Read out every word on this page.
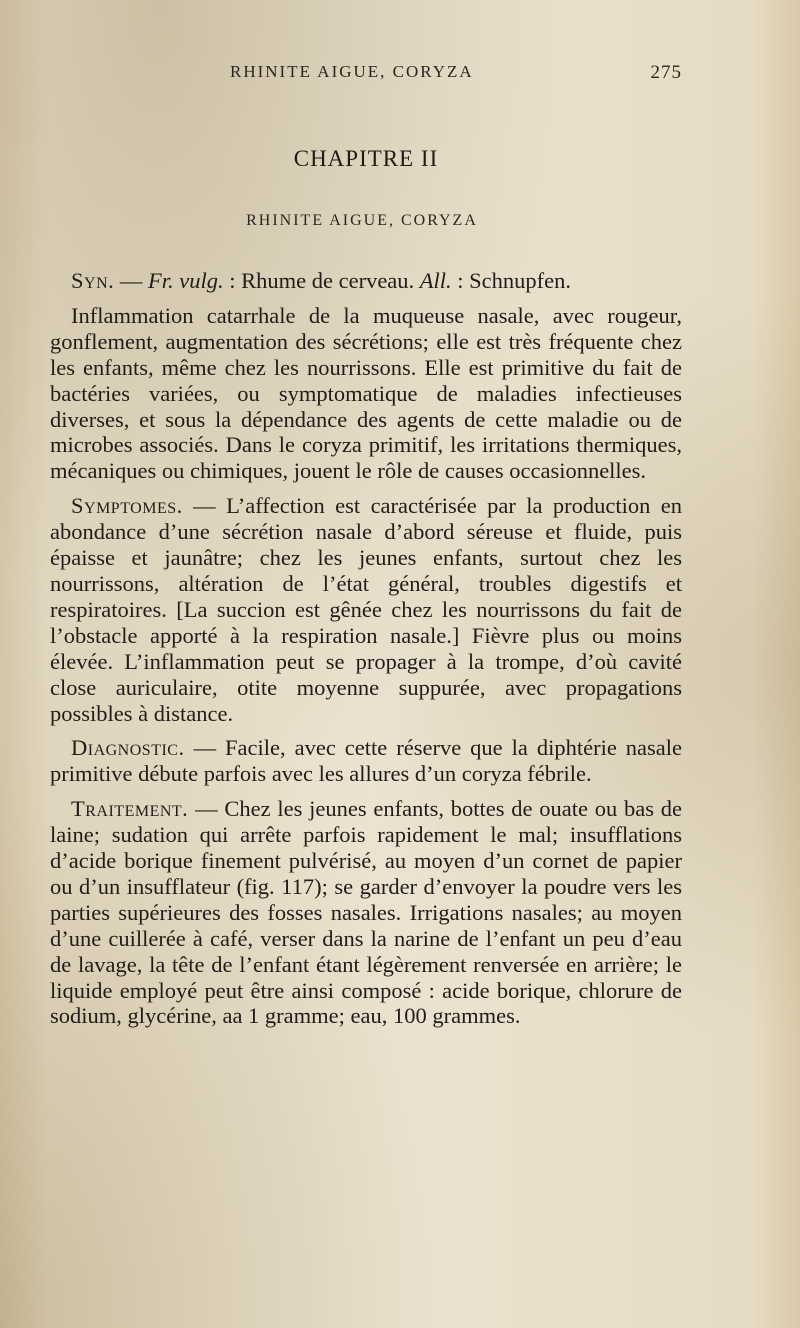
RHINITE AIGUE, CORYZA	275
CHAPITRE II
RHINITE AIGUE, CORYZA

Syn. — Fr. vulg. : Rhume de cerveau. All. : Schnupfen.

Inflammation catarrhale de la muqueuse nasale, avec rougeur, gonflement, augmentation des sécrétions; elle est très fréquente chez les enfants, même chez les nourrissons. Elle est primitive du fait de bactéries variées, ou symptomatique de maladies infectieuses diverses, et sous la dépendance des agents de cette maladie ou de microbes associés. Dans le coryza primitif, les irritations thermiques, mécaniques ou chimiques, jouent le rôle de causes occasionnelles.

Symptomes. — L’affection est caractérisée par la production en abondance d’une sécrétion nasale d’abord séreuse et fluide, puis épaisse et jaunâtre; chez les jeunes enfants, surtout chez les nourrissons, altération de l’état général, troubles digestifs et respiratoires. [La succion est gênée chez les nourrissons du fait de l’obstacle apporté à la respiration nasale.] Fièvre plus ou moins élevée. L’inflammation peut se propager à la trompe, d’où cavité close auriculaire, otite moyenne suppurée, avec propagations possibles à distance.

Diagnostic. — Facile, avec cette réserve que la diphtérie nasale primitive débute parfois avec les allures d’un coryza fébrile.

Traitement. — Chez les jeunes enfants, bottes de ouate ou bas de laine; sudation qui arrête parfois rapidement le mal; insufflations d’acide borique finement pulvérisé, au moyen d’un cornet de papier ou d’un insufflateur (fig. 117); se garder d’envoyer la poudre vers les parties supérieures des fosses nasales. Irrigations nasales; au moyen d’une cuillerée à café, verser dans la narine de l’enfant un peu d’eau de lavage, la tête de l’enfant étant légèrement renversée en arrière; le liquide employé peut être ainsi composé : acide borique, chlorure de sodium, glycérine, aa 1 gramme; eau, 100 grammes.
